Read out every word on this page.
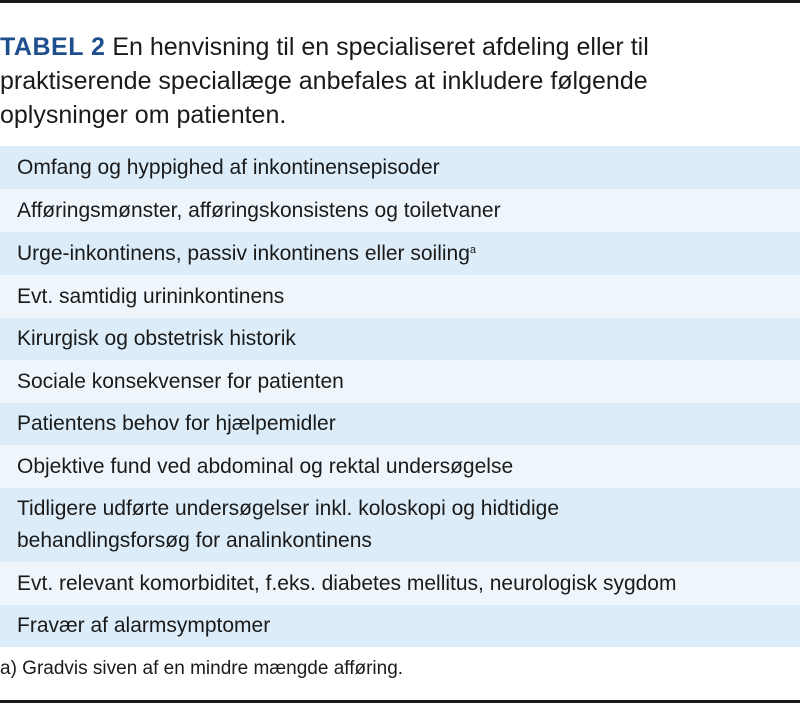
TABEL 2 En henvisning til en specialiseret afdeling eller til praktiserende speciallæge anbefales at inkludere følgende oplysninger om patienten.
Omfang og hyppighed af inkontinensepisoder
Afføringsmønster, afføringskonsistens og toiletvaner
Urge-inkontinens, passiv inkontinens eller soiling$^a$
Evt. samtidig urininkontinens
Kirurgisk og obstetrisk historik
Sociale konsekvenser for patienten
Patientens behov for hjælpemidler
Objektive fund ved abdominal og rektal undersøgelse
Tidligere udførte undersøgelser inkl. koloskopi og hidtidige behandlingsforsøg for analinkontinens
Evt. relevant komorbiditet, f.eks. diabetes mellitus, neurologisk sygdom
Fravær af alarmsymptomer
a) Gradvis siven af en mindre mængde afføring.
